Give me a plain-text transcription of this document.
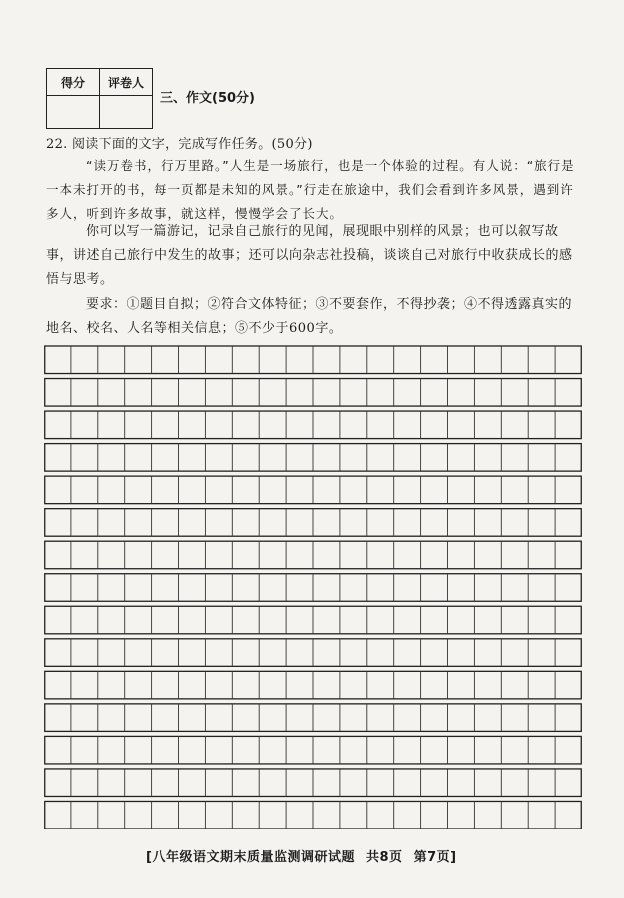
得分	评卷人

三、作文(50分)
22. 阅读下面的文字，完成写作任务。(50分)
“读万卷书，行万里路。”人生是一场旅行，也是一个体验的过程。有人说：“旅行是一本未打开的书，每一页都是未知的风景。”行走在旅途中，我们会看到许多风景，遇到许多人，听到许多故事，就这样，慢慢学会了长大。
你可以写一篇游记，记录自己旅行的见闻，展现眼中别样的风景；也可以叙写故事，讲述自己旅行中发生的故事；还可以向杂志社投稿，谈谈自己对旅行中收获成长的感悟与思考。
要求：①题目自拟；②符合文体特征；③不要套作，不得抄袭；④不得透露真实的地名、校名、人名等相关信息；⑤不少于600字。
[八年级语文期末质量监测调研试题 共8页 第7页]
